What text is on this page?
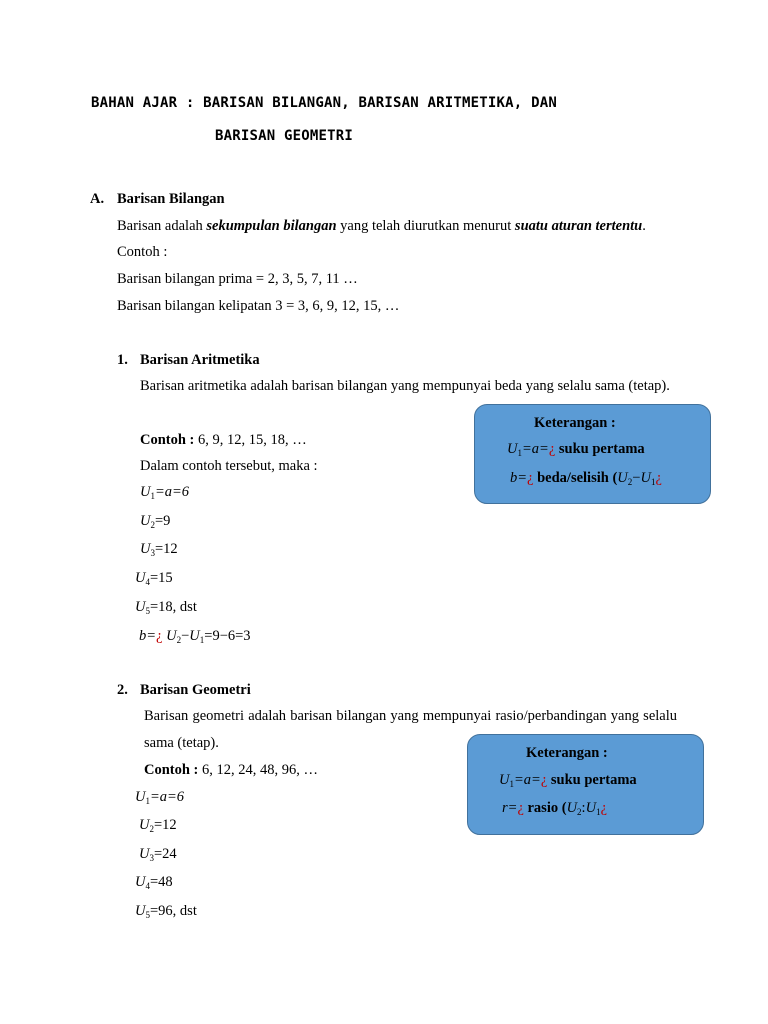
BAHAN AJAR : BARISAN BILANGAN, BARISAN ARITMETIKA, DAN
BARISAN GEOMETRI
A. Barisan Bilangan
Barisan adalah sekumpulan bilangan yang telah diurutkan menurut suatu aturan tertentu.
Contoh :
Barisan bilangan prima = 2, 3, 5, 7, 11 …
Barisan bilangan kelipatan 3 = 3, 6, 9, 12, 15, …
1. Barisan Aritmetika
Barisan aritmetika adalah barisan bilangan yang mempunyai beda yang selalu sama (tetap).
Contoh : 6, 9, 12, 15, 18, …
Dalam contoh tersebut, maka :
$U_1=a=6$
$U_2=9$
$U_3=12$
$U_4=15$
$U_5=18$, dst
b=¿ $U_2-U_1=9-6=3$
Keterangan :
$U_1=a=¿$ suku pertama
b=¿ beda/selisih ($U_2-U_1¿$
2. Barisan Geometri
Barisan geometri adalah barisan bilangan yang mempunyai rasio/perbandingan yang selalu sama (tetap).
Contoh : 6, 12, 24, 48, 96, …
$U_1=a=6$
$U_2=12$
$U_3=24$
$U_4=48$
$U_5=96$, dst
Keterangan :
$U_1=a=¿$ suku pertama
r=¿ rasio ($U_2:U_1¿$
